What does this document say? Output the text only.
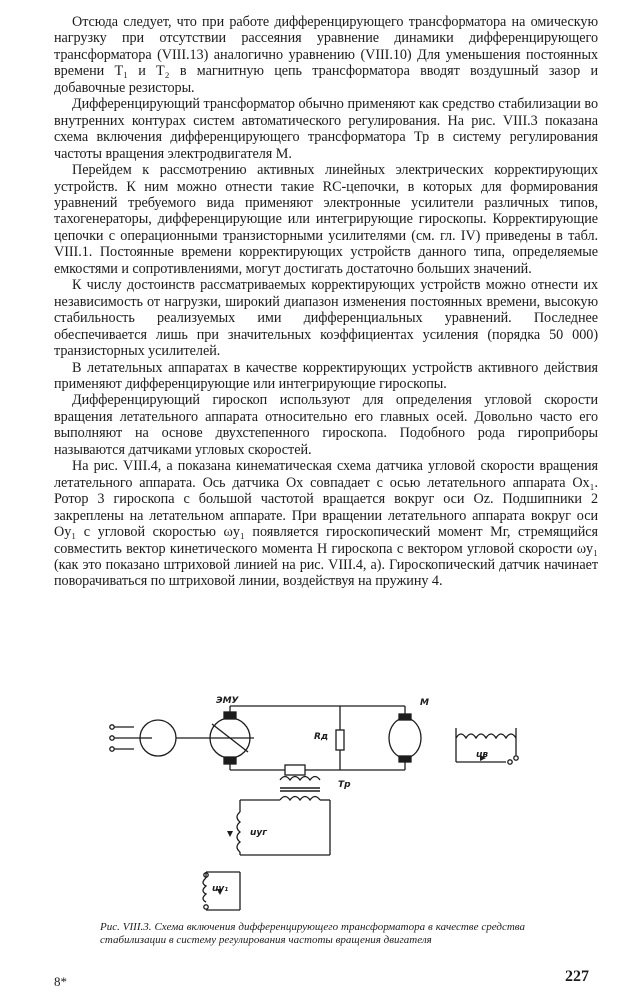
Отсюда следует, что при работе дифференцирующего трансформатора на омическую нагрузку при отсутствии рассеяния уравнение динамики дифференцирующего трансформатора (VIII.13) аналогично уравнению (VIII.10) Для уменьшения постоянных времени T₁ и T₂ в магнитную цепь трансформатора вводят воздушный зазор и добавочные резисторы.

Дифференцирующий трансформатор обычно применяют как средство стабилизации во внутренних контурах систем автоматического регулирования. На рис. VIII.3 показана схема включения дифференцирующего трансформатора Тр в систему регулирования частоты вращения электродвигателя M.

Перейдем к рассмотрению активных линейных электрических корректирующих устройств. К ним можно отнести такие RC-цепочки, в которых для формирования уравнений требуемого вида применяют электронные усилители различных типов, тахогенераторы, дифференцирующие или интегрирующие гироскопы. Корректирующие цепочки с операционными транзисторными усилителями (см. гл. IV) приведены в табл. VIII.1. Постоянные времени корректирующих устройств данного типа, определяемые емкостями и сопротивлениями, могут достигать достаточно больших значений.

К числу достоинств рассматриваемых корректирующих устройств можно отнести их независимость от нагрузки, широкий диапазон изменения постоянных времени, высокую стабильность реализуемых ими дифференциальных уравнений. Последнее обеспечивается лишь при значительных коэффициентах усиления (порядка 50 000) транзисторных усилителей.

В летательных аппаратах в качестве корректирующих устройств активного действия применяют дифференцирующие или интегрирующие гироскопы.

Дифференцирующий гироскоп используют для определения угловой скорости вращения летательного аппарата относительно его главных осей. Довольно часто его выполняют на основе двухстепенного гироскопа. Подобного рода гироприборы называются датчиками угловых скоростей.

На рис. VIII.4, а показана кинематическая схема датчика угловой скорости вращения летательного аппарата. Ось датчика Ox совпадает с осью летательного аппарата Ox₁. Ротор 3 гироскопа с большой частотой вращается вокруг оси Oz. Подшипники 2 закреплены на летательном аппарате. При вращении летательного аппарата вокруг оси Oy₁ с угловой скоростью ωy₁ появляется гироскопический момент Mг, стремящийся совместить вектор кинетического момента H гироскопа с вектором угловой скорости ωy₁ (как это показано штриховой линией на рис. VIII.4, а). Гироскопический датчик начинает поворачиваться по штриховой линии, воздействуя на пружину 4.

ЭМУ	М
Rд
Тр
uв
uуг
uу₁
Рис. VIII.3. Схема включения дифференцирующего трансформатора в качестве средства стабилизации в систему регулирования частоты вращения двигателя
8*	227
